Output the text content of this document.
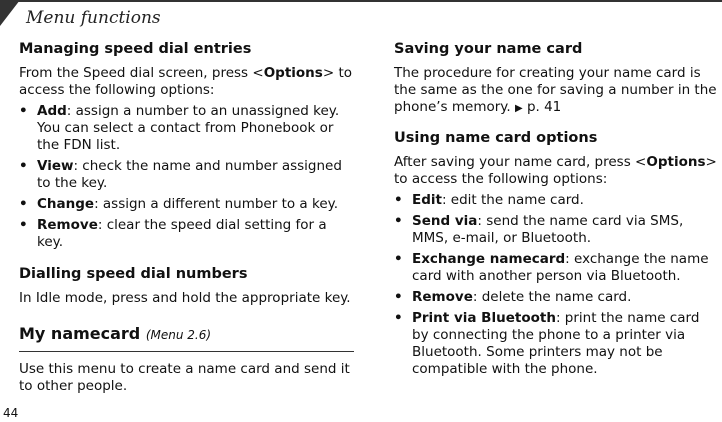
Menu functions
Managing speed dial entries

From the Speed dial screen, press <Options> to access the following options:

• Add: assign a number to an unassigned key. You can select a contact from Phonebook or the FDN list.
• View: check the name and number assigned to the key.
• Change: assign a different number to a key.
• Remove: clear the speed dial setting for a key.
Dialling speed dial numbers

In Idle mode, press and hold the appropriate key.

My namecard (Menu 2.6)

Use this menu to create a name card and send it to other people.

Saving your name card

The procedure for creating your name card is the same as the one for saving a number in the phone’s memory. ▶ p. 41

Using name card options

After saving your name card, press <Options> to access the following options:

• Edit: edit the name card.
• Send via: send the name card via SMS, MMS, e-mail, or Bluetooth.
• Exchange namecard: exchange the name card with another person via Bluetooth.
• Remove: delete the name card.
• Print via Bluetooth: print the name card by connecting the phone to a printer via Bluetooth. Some printers may not be compatible with the phone.
44
